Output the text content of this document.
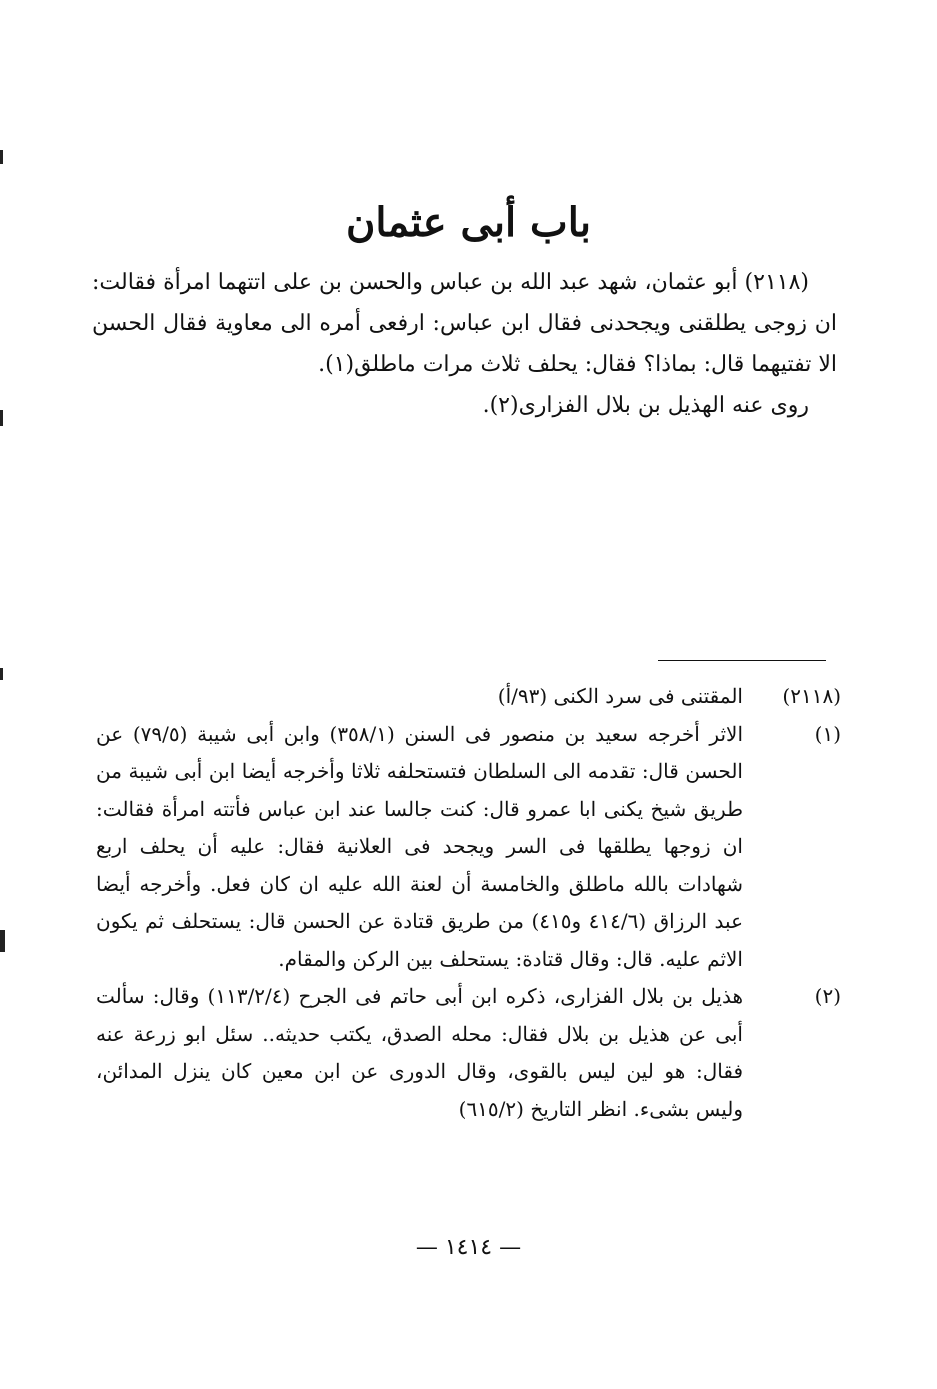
باب أبى عثمان

(٢١١٨) أبو عثمان، شهد عبد الله بن عباس والحسن بن على اتتهما امرأة فقالت: ان زوجى يطلقنى ويجحدنى فقال ابن عباس: ارفعى أمره الى معاوية فقال الحسن الا تفتيهما قال: بماذا؟ فقال: يحلف ثلاث مرات ماطلق(١).

روى عنه الهذيل بن بلال الفزارى(٢).

(٢١١٨)
المقتنى فى سرد الكنى (٩٣/أ)
(١)
الاثر أخرجه سعيد بن منصور فى السنن (٣٥٨/١) وابن أبى شيبة (٧٩/٥) عن الحسن قال: تقدمه الى السلطان فتستحلفه ثلاثا وأخرجه أيضا ابن أبى شيبة من طريق شيخ يكنى ابا عمرو قال: كنت جالسا عند ابن عباس فأتته امرأة فقالت: ان زوجها يطلقها فى السر ويجحد فى العلانية فقال: عليه أن يحلف اربع شهادات بالله ماطلق والخامسة أن لعنة الله عليه ان كان فعل. وأخرجه أيضا عبد الرزاق (٤١٤/٦ و٤١٥) من طريق قتادة عن الحسن قال: يستحلف ثم يكون الاثم عليه. قال: وقال قتادة: يستحلف بين الركن والمقام.
(٢)
هذيل بن بلال الفزارى، ذكره ابن أبى حاتم فى الجرح (١١٣/٢/٤) وقال: سألت أبى عن هذيل بن بلال فقال: محله الصدق، يكتب حديثه.. سئل ابو زرعة عنه فقال: هو لين ليس بالقوى، وقال الدورى عن ابن معين كان ينزل المدائن، وليس بشىء. انظر التاريخ (٦١٥/٢)
— ١٤١٤ —
